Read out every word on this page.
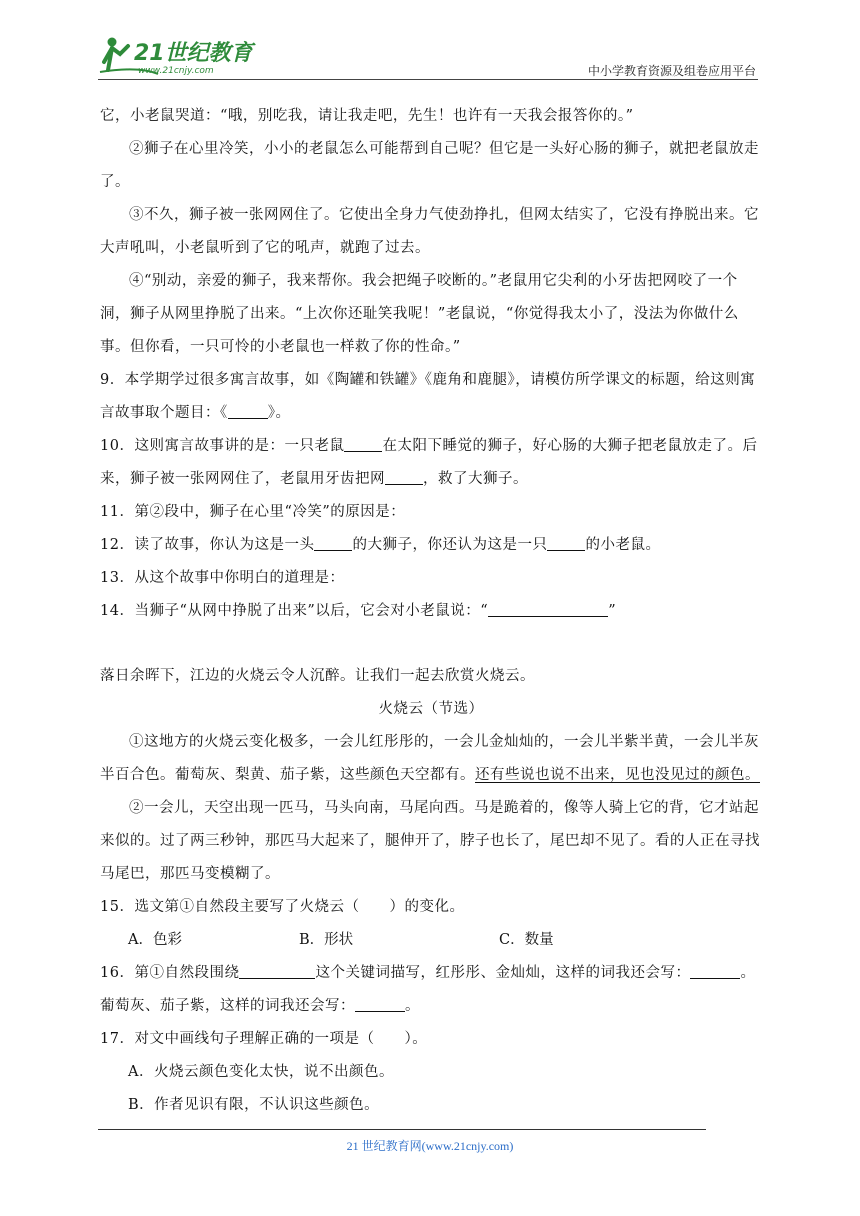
21世纪教育
www.21cnjy.com	中小学教育资源及组卷应用平台

它，小老鼠哭道：“哦，别吃我，请让我走吧，先生！也许有一天我会报答你的。”

②狮子在心里冷笑，小小的老鼠怎么可能帮到自己呢？但它是一头好心肠的狮子，就把老鼠放走了。

③不久，狮子被一张网网住了。它使出全身力气使劲挣扎，但网太结实了，它没有挣脱出来。它大声吼叫，小老鼠听到了它的吼声，就跑了过去。

④“别动，亲爱的狮子，我来帮你。我会把绳子咬断的。”老鼠用它尖利的小牙齿把网咬了一个洞，狮子从网里挣脱了出来。“上次你还耻笑我呢！”老鼠说，“你觉得我太小了，没法为你做什么事。但你看，一只可怜的小老鼠也一样救了你的性命。”

9．本学期学过很多寓言故事，如《陶罐和铁罐》《鹿角和鹿腿》，请模仿所学课文的标题，给这则寓言故事取个题目：《	》。

10．这则寓言故事讲的是：一只老鼠	在太阳下睡觉的狮子，好心肠的大狮子把老鼠放走了。后来，狮子被一张网网住了，老鼠用牙齿把网	，救了大狮子。

11．第②段中，狮子在心里“冷笑”的原因是：

12．读了故事，你认为这是一头	的大狮子，你还认为这是一只	的小老鼠。

13．从这个故事中你明白的道理是：

14．当狮子“从网中挣脱了出来”以后，它会对小老鼠说：“	”

落日余晖下，江边的火烧云令人沉醉。让我们一起去欣赏火烧云。

火烧云（节选）

①这地方的火烧云变化极多，一会儿红彤彤的，一会儿金灿灿的，一会儿半紫半黄，一会儿半灰半百合色。葡萄灰、梨黄、茄子紫，这些颜色天空都有。还有些说也说不出来，见也没见过的颜色。

②一会儿，天空出现一匹马，马头向南，马尾向西。马是跪着的，像等人骑上它的背，它才站起来似的。过了两三秒钟，那匹马大起来了，腿伸开了，脖子也长了，尾巴却不见了。看的人正在寻找马尾巴，那匹马变模糊了。

15．选文第①自然段主要写了火烧云（　　）的变化。

A．色彩	B．形状	C．数量

16．第①自然段围绕	这个关键词描写，红彤彤、金灿灿，这样的词我还会写：	。葡萄灰、茄子紫，这样的词我还会写：	。

17．对文中画线句子理解正确的一项是（　　）。

A．火烧云颜色变化太快，说不出颜色。

B．作者见识有限，不认识这些颜色。

21 世纪教育网(www.21cnjy.com)
